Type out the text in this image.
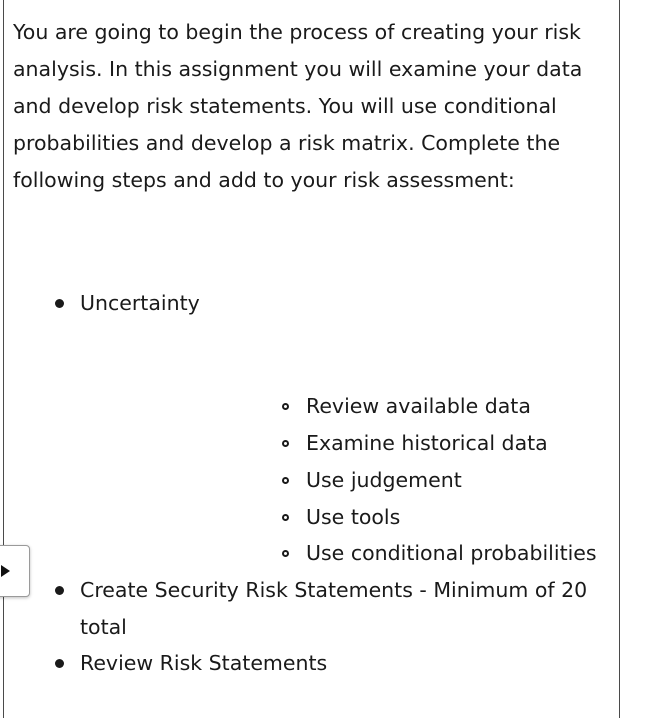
You are going to begin the process of creating your risk analysis. In this assignment you will examine your data and develop risk statements. You will use conditional probabilities and develop a risk matrix. Complete the following steps and add to your risk assessment:

Uncertainty
Review available data
Examine historical data
Use judgement
Use tools
Use conditional probabilities
Create Security Risk Statements - Minimum of 20
total
Review Risk Statements
